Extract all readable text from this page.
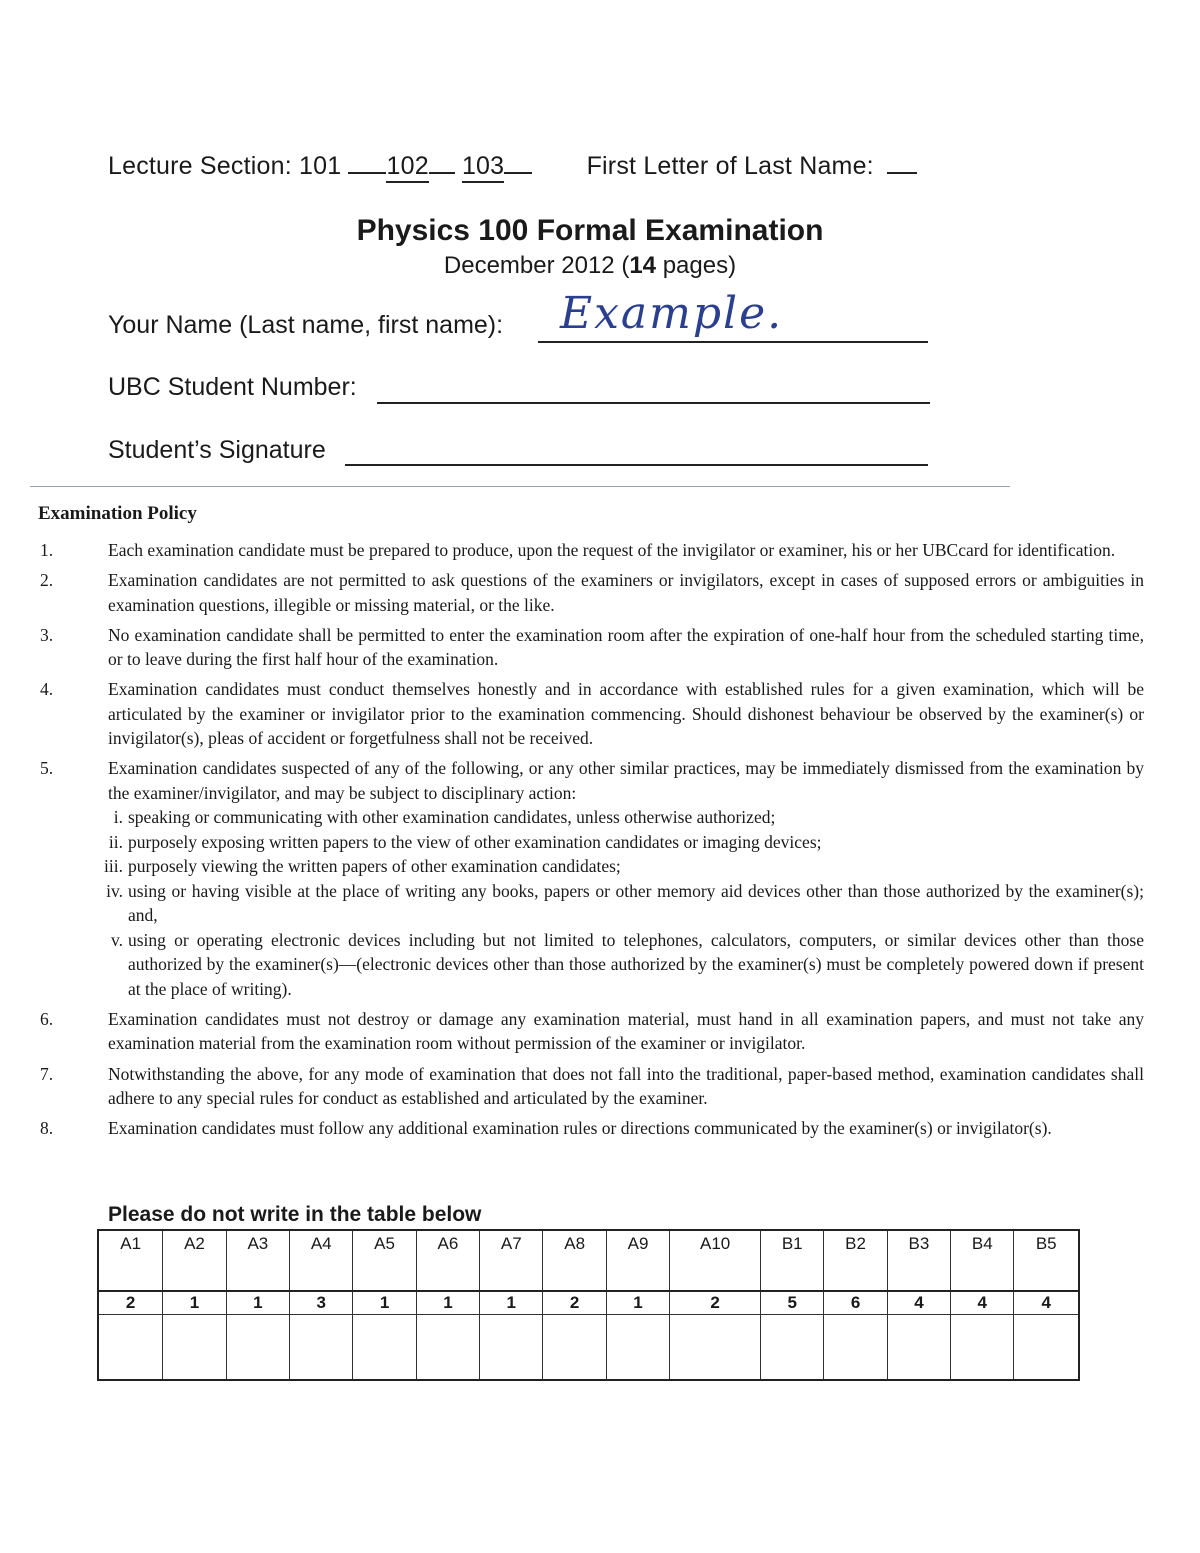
Lecture Section: 101 102 103	First Letter of Last Name:
Physics 100 Formal Examination
December 2012 (14 pages)
Your Name (Last name, first name): Example.
UBC Student Number:
Student’s Signature
Examination Policy
1.	Each examination candidate must be prepared to produce, upon the request of the invigilator or examiner, his or her UBCcard for identification.
2.	Examination candidates are not permitted to ask questions of the examiners or invigilators, except in cases of supposed errors or ambiguities in examination questions, illegible or missing material, or the like.
3.	No examination candidate shall be permitted to enter the examination room after the expiration of one-half hour from the scheduled starting time, or to leave during the first half hour of the examination.
4.	Examination candidates must conduct themselves honestly and in accordance with established rules for a given examination, which will be articulated by the examiner or invigilator prior to the examination commencing. Should dishonest behaviour be observed by the examiner(s) or invigilator(s), pleas of accident or forgetfulness shall not be received.
5.	Examination candidates suspected of any of the following, or any other similar practices, may be immediately dismissed from the examination by the examiner/invigilator, and may be subject to disciplinary action:
i. speaking or communicating with other examination candidates, unless otherwise authorized;
ii. purposely exposing written papers to the view of other examination candidates or imaging devices;
iii. purposely viewing the written papers of other examination candidates;
iv. using or having visible at the place of writing any books, papers or other memory aid devices other than those authorized by the examiner(s); and,
v. using or operating electronic devices including but not limited to telephones, calculators, computers, or similar devices other than those authorized by the examiner(s)—(electronic devices other than those authorized by the examiner(s) must be completely powered down if present at the place of writing).
6.	Examination candidates must not destroy or damage any examination material, must hand in all examination papers, and must not take any examination material from the examination room without permission of the examiner or invigilator.
7.	Notwithstanding the above, for any mode of examination that does not fall into the traditional, paper-based method, examination candidates shall adhere to any special rules for conduct as established and articulated by the examiner.
8.	Examination candidates must follow any additional examination rules or directions communicated by the examiner(s) or invigilator(s).
Please do not write in the table below
A1	A2	A3	A4	A5	A6	A7	A8	A9	A10	B1	B2	B3	B4	B5
2	1	1	3	1	1	1	2	1	2	5	6	4	4	4
